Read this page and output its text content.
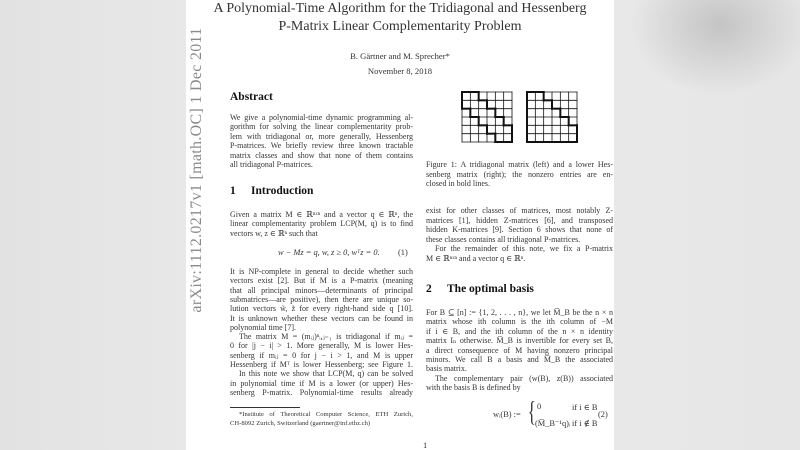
arXiv:1112.0217v1 [math.OC] 1 Dec 2011
A Polynomial-Time Algorithm for the Tridiagonal and Hessenberg
P-Matrix Linear Complementarity Problem
B. Gärtner and M. Sprecher*
November 8, 2018
Abstract
1 Introduction
2 The optimal basis
w − Mz = q, w, z ≥ 0, wᵀz = 0. (1)
wᵢ(B) := { 0	if i ∈ B
(M̅_B⁻¹q)ᵢ if i ∉ B
(2)
1
We give a polynomial-time dynamic programming al-
gorithm for solving the linear complementarity prob-
lem with tridiagonal or, more generally, Hessenberg
P-matrices. We briefly review three known tractable
matrix classes and show that none of them contains
all tridiagonal P-matrices.
Given a matrix M ∈ ℝⁿˣⁿ and a vector q ∈ ℝⁿ, the
linear complementarity problem LCP(M, q) is to find
vectors w, z ∈ ℝⁿ such that
It is NP-complete in general to decide whether such
vectors exist [2]. But if M is a P-matrix (meaning
that all principal minors—determinants of principal
submatrices—are positive), then there are unique so-
lution vectors w̃, z̃ for every right-hand side q [10].
It is unknown whether these vectors can be found in
polynomial time [7].
The matrix M = (mᵢⱼ)ⁿᵢ,ⱼ₌₁ is tridiagonal if mᵢⱼ =
0 for |j − i| > 1. More generally, M is lower Hes-
senberg if mᵢⱼ = 0 for j − i > 1, and M is upper
Hessenberg if Mᵀ is lower Hessenberg; see Figure 1.
In this note we show that LCP(M, q) can be solved
in polynomial time if M is a lower (or upper) Hes-
senberg P-matrix. Polynomial-time results already
*Institute of Theoretical Computer Science, ETH Zurich,
CH-8092 Zurich, Switzerland (gaertner@inf.ethz.ch)
Figure 1: A tridiagonal matrix (left) and a lower Hes-
senberg matrix (right); the nonzero entries are en-
closed in bold lines.
exist for other classes of matrices, most notably Z-
matrices [1], hidden Z-matrices [6], and transposed
hidden K-matrices [9]. Section 6 shows that none of
these classes contains all tridiagonal P-matrices.
For the remainder of this note, we fix a P-matrix
M ∈ ℝⁿˣⁿ and a vector q ∈ ℝⁿ.
For B ⊆ [n] := {1, 2, . . . , n}, we let M̅_B be the n × n
matrix whose ith column is the ith column of −M
if i ∈ B, and the ith column of the n × n identity
matrix Iₙ otherwise. M̅_B is invertible for every set B,
a direct consequence of M having nonzero principal
minors. We call B a basis and M̅_B the associated
basis matrix.
The complementary pair (w(B), z(B)) associated
with the basis B is defined by
